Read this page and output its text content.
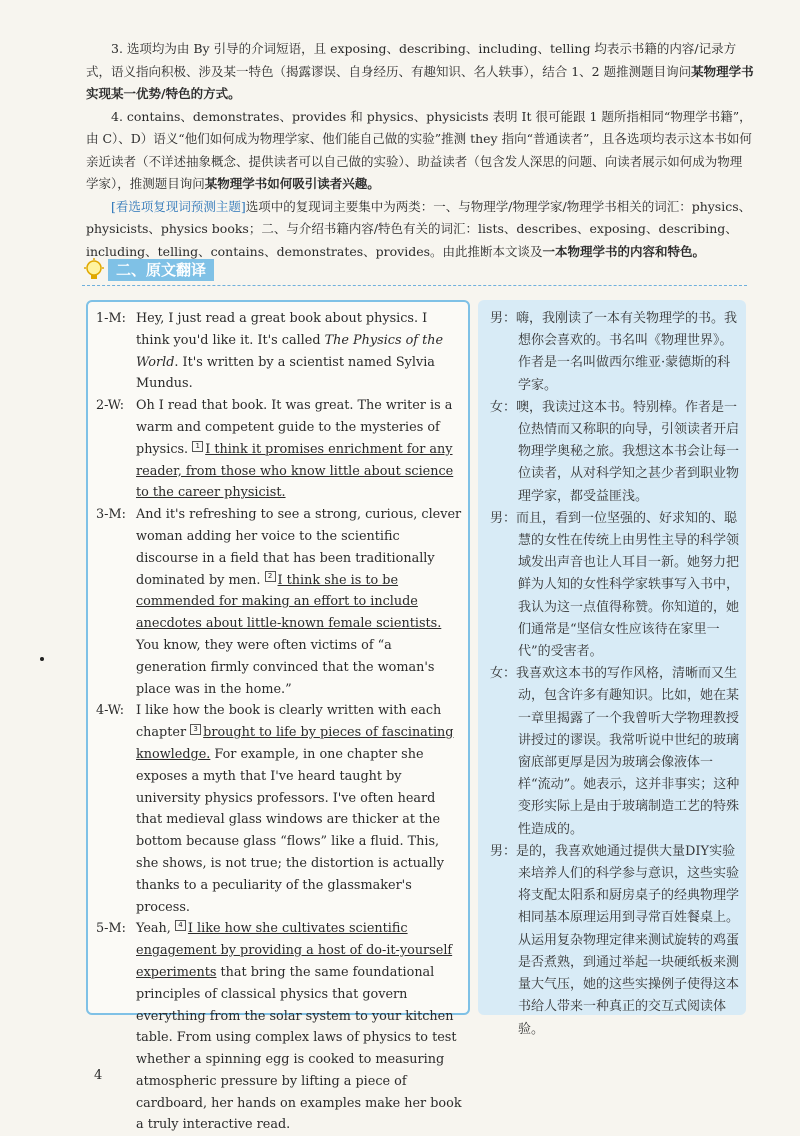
3. 选项均为由 By 引导的介词短语，且 exposing、describing、including、telling 均表示书籍的内容/记录方式，语义指向积极、涉及某一特色（揭露谬误、自身经历、有趣知识、名人轶事），结合 1、2 题推测题目询问某物理学书实现某一优势/特色的方式。

4. contains、demonstrates、provides 和 physics、physicists 表明 It 很可能跟 1 题所指相同“物理学书籍”，由 C）、D）语义“他们如何成为物理学家、他们能自己做的实验”推测 they 指向“普通读者”，且各选项均表示这本书如何亲近读者（不详述抽象概念、提供读者可以自己做的实验）、助益读者（包含发人深思的问题、向读者展示如何成为物理学家），推测题目询问某物理学书如何吸引读者兴趣。

[看选项复现词预测主题]选项中的复现词主要集中为两类：一、与物理学/物理学家/物理学书相关的词汇：physics、physicists、physics books；二、与介绍书籍内容/特色有关的词汇：lists、describes、exposing、describing、including、telling、contains、demonstrates、provides。由此推断本文谈及一本物理学书的内容和特色。

二、原文翻译

1-M: Hey, I just read a great book about physics. I think you'd like it. It's called The Physics of the World. It's written by a scientist named Sylvia Mundus.

2-W: Oh I read that book. It was great. The writer is a warm and competent guide to the mysteries of physics. 1 I think it promises enrichment for any reader, from those who know little about science to the career physicist.

3-M: And it's refreshing to see a strong, curious, clever woman adding her voice to the scientific discourse in a field that has been traditionally dominated by men. 2 I think she is to be commended for making an effort to include anecdotes about little-known female scientists. You know, they were often victims of “a generation firmly convinced that the woman's place was in the home.”

4-W: I like how the book is clearly written with each chapter 3 brought to life by pieces of fascinating knowledge. For example, in one chapter she exposes a myth that I've heard taught by university physics professors. I've often heard that medieval glass windows are thicker at the bottom because glass “flows” like a fluid. This, she shows, is not true; the distortion is actually thanks to a peculiarity of the glassmaker's process.

5-M: Yeah, 4 I like how she cultivates scientific engagement by providing a host of do-it-yourself experiments that bring the same foundational principles of classical physics that govern everything from the solar system to your kitchen table. From using complex laws of physics to test whether a spinning egg is cooked to measuring atmospheric pressure by lifting a piece of cardboard, her hands on examples make her book a truly interactive read.

男：嗨，我刚读了一本有关物理学的书。我想你会喜欢的。书名叫《物理世界》。作者是一名叫做西尔维亚·蒙德斯的科学家。

女：噢，我读过这本书。特别棒。作者是一位热情而又称职的向导，引领读者开启物理学奥秘之旅。我想这本书会让每一位读者，从对科学知之甚少者到职业物理学家，都受益匪浅。

男：而且，看到一位坚强的、好求知的、聪慧的女性在传统上由男性主导的科学领域发出声音也让人耳目一新。她努力把鲜为人知的女性科学家轶事写入书中，我认为这一点值得称赞。你知道的，她们通常是“坚信女性应该待在家里一代”的受害者。

女：我喜欢这本书的写作风格，清晰而又生动，包含许多有趣知识。比如，她在某一章里揭露了一个我曾听大学物理教授讲授过的谬误。我常听说中世纪的玻璃窗底部更厚是因为玻璃会像液体一样“流动”。她表示，这并非事实；这种变形实际上是由于玻璃制造工艺的特殊性造成的。

男：是的，我喜欢她通过提供大量DIY实验来培养人们的科学参与意识，这些实验将支配太阳系和厨房桌子的经典物理学相同基本原理运用到寻常百姓餐桌上。从运用复杂物理定律来测试旋转的鸡蛋是否煮熟，到通过举起一块硬纸板来测量大气压，她的这些实操例子使得这本书给人带来一种真正的交互式阅读体验。

4
